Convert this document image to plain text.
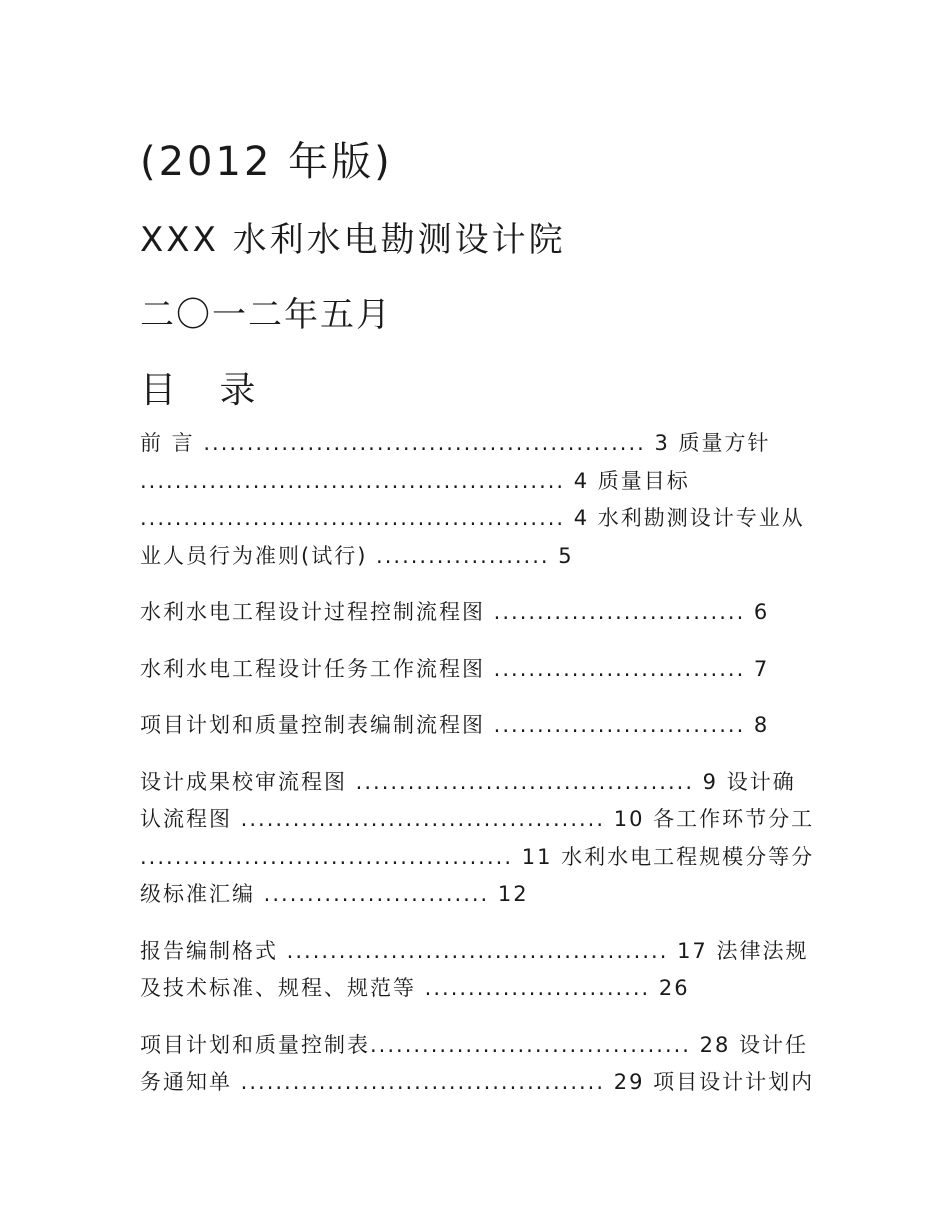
(2012 年版)
XXX 水利水电勘测设计院
二〇一二年五月
目 录

前 言 ................................................... 3 质量方针
................................................. 4 质量目标
................................................. 4 水利勘测设计专业从
业人员行为准则(试行) .................... 5

水利水电工程设计过程控制流程图 ............................. 6

水利水电工程设计任务工作流程图 ............................. 7

项目计划和质量控制表编制流程图 ............................. 8

设计成果校审流程图 ....................................... 9 设计确
认流程图 .......................................... 10 各工作环节分工
........................................... 11 水利水电工程规模分等分
级标准汇编 .......................... 12

报告编制格式 ............................................ 17 法律法规
及技术标准、规程、规范等 .......................... 26

项目计划和质量控制表..................................... 28 设计任
务通知单 .......................................... 29 项目设计计划内
